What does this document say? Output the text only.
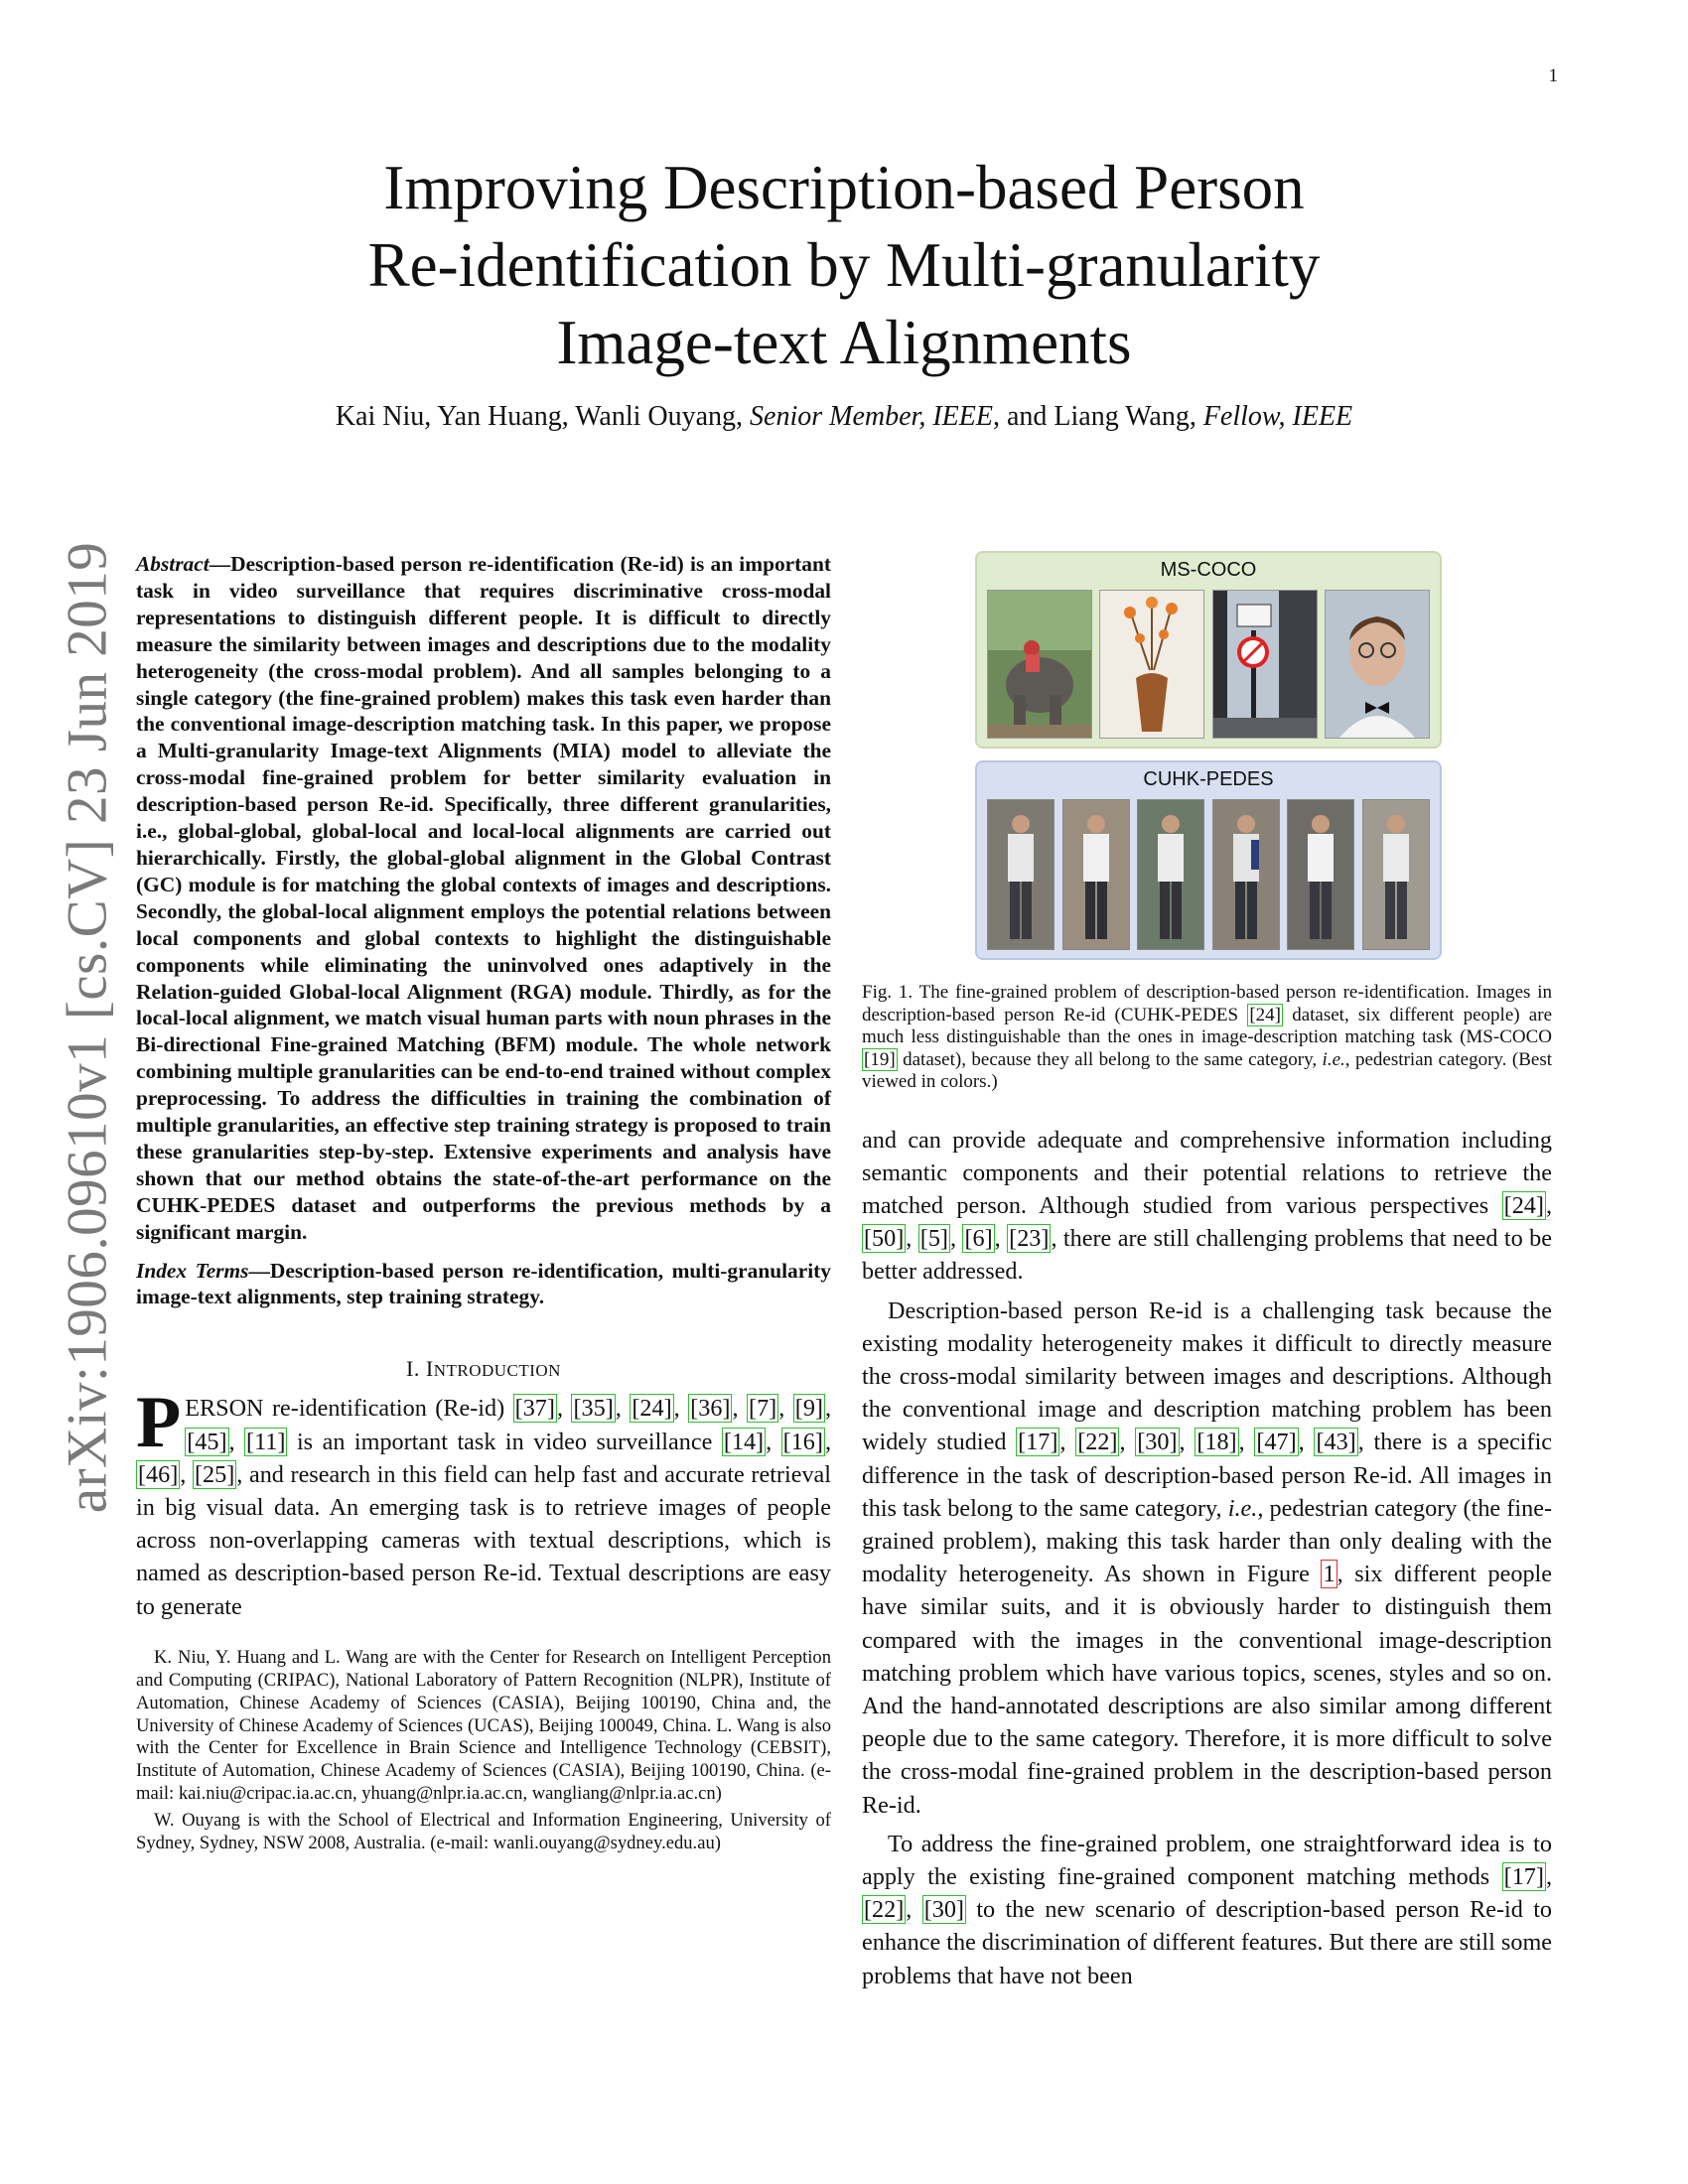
1
arXiv:1906.09610v1 [cs.CV] 23 Jun 2019
Improving Description-based Person
Re-identification by Multi-granularity
Image-text Alignments
Kai Niu, Yan Huang, Wanli Ouyang, Senior Member, IEEE, and Liang Wang, Fellow, IEEE

Abstract—Description-based person re-identification (Re-id) is an important task in video surveillance that requires discriminative cross-modal representations to distinguish different people. It is difficult to directly measure the similarity between images and descriptions due to the modality heterogeneity (the cross-modal problem). And all samples belonging to a single category (the fine-grained problem) makes this task even harder than the conventional image-description matching task. In this paper, we propose a Multi-granularity Image-text Alignments (MIA) model to alleviate the cross-modal fine-grained problem for better similarity evaluation in description-based person Re-id. Specifically, three different granularities, i.e., global-global, global-local and local-local alignments are carried out hierarchically. Firstly, the global-global alignment in the Global Contrast (GC) module is for matching the global contexts of images and descriptions. Secondly, the global-local alignment employs the potential relations between local components and global contexts to highlight the distinguishable components while eliminating the uninvolved ones adaptively in the Relation-guided Global-local Alignment (RGA) module. Thirdly, as for the local-local alignment, we match visual human parts with noun phrases in the Bi-directional Fine-grained Matching (BFM) module. The whole network combining multiple granularities can be end-to-end trained without complex preprocessing. To address the difficulties in training the combination of multiple granularities, an effective step training strategy is proposed to train these granularities step-by-step. Extensive experiments and analysis have shown that our method obtains the state-of-the-art performance on the CUHK-PEDES dataset and outperforms the previous methods by a significant margin.

Index Terms—Description-based person re-identification, multi-granularity image-text alignments, step training strategy.

I. INTRODUCTION

PERSON re-identification (Re-id) [37], [35], [24], [36], [7], [9], [45], [11] is an important task in video surveillance [14], [16], [46], [25], and research in this field can help fast and accurate retrieval in big visual data. An emerging task is to retrieve images of people across non-overlapping cameras with textual descriptions, which is named as description-based person Re-id. Textual descriptions are easy to generate

K. Niu, Y. Huang and L. Wang are with the Center for Research on Intelligent Perception and Computing (CRIPAC), National Laboratory of Pattern Recognition (NLPR), Institute of Automation, Chinese Academy of Sciences (CASIA), Beijing 100190, China and, the University of Chinese Academy of Sciences (UCAS), Beijing 100049, China. L. Wang is also with the Center for Excellence in Brain Science and Intelligence Technology (CEBSIT), Institute of Automation, Chinese Academy of Sciences (CASIA), Beijing 100190, China. (e-mail: kai.niu@cripac.ia.ac.cn, yhuang@nlpr.ia.ac.cn, wangliang@nlpr.ia.ac.cn)

W. Ouyang is with the School of Electrical and Information Engineering, University of Sydney, Sydney, NSW 2008, Australia. (e-mail: wanli.ouyang@sydney.edu.au)

MS-COCO
CUHK-PEDES

Fig. 1. The fine-grained problem of description-based person re-identification. Images in description-based person Re-id (CUHK-PEDES [24] dataset, six different people) are much less distinguishable than the ones in image-description matching task (MS-COCO [19] dataset), because they all belong to the same category, i.e., pedestrian category. (Best viewed in colors.)

and can provide adequate and comprehensive information including semantic components and their potential relations to retrieve the matched person. Although studied from various perspectives [24], [50], [5], [6], [23], there are still challenging problems that need to be better addressed.

Description-based person Re-id is a challenging task because the existing modality heterogeneity makes it difficult to directly measure the cross-modal similarity between images and descriptions. Although the conventional image and description matching problem has been widely studied [17], [22], [30], [18], [47], [43], there is a specific difference in the task of description-based person Re-id. All images in this task belong to the same category, i.e., pedestrian category (the fine-grained problem), making this task harder than only dealing with the modality heterogeneity. As shown in Figure 1, six different people have similar suits, and it is obviously harder to distinguish them compared with the images in the conventional image-description matching problem which have various topics, scenes, styles and so on. And the hand-annotated descriptions are also similar among different people due to the same category. Therefore, it is more difficult to solve the cross-modal fine-grained problem in the description-based person Re-id.

To address the fine-grained problem, one straightforward idea is to apply the existing fine-grained component matching methods [17], [22], [30] to the new scenario of description-based person Re-id to enhance the discrimination of different features. But there are still some problems that have not been
